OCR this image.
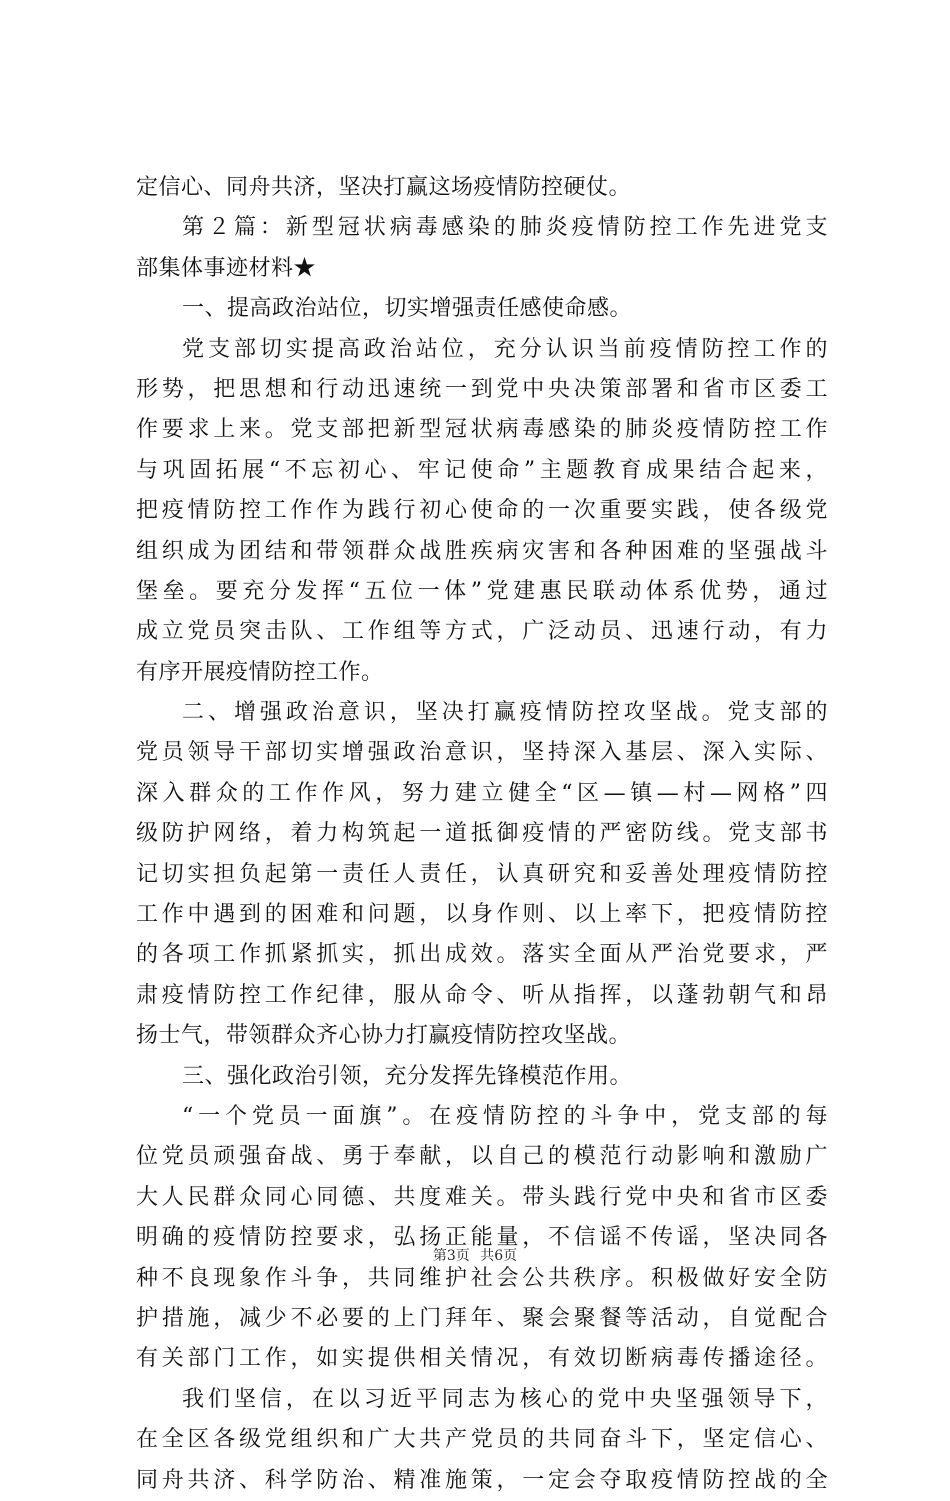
定信心、同舟共济，坚决打赢这场疫情防控硬仗。
第２篇：新型冠状病毒感染的肺炎疫情防控工作先进党支
部集体事迹材料★
一、提高政治站位，切实增强责任感使命感。
党支部切实提高政治站位，充分认识当前疫情防控工作的
形势，把思想和行动迅速统一到党中央决策部署和省市区委工
作要求上来。党支部把新型冠状病毒感染的肺炎疫情防控工作
与巩固拓展“不忘初心、牢记使命”主题教育成果结合起来，
把疫情防控工作作为践行初心使命的一次重要实践，使各级党
组织成为团结和带领群众战胜疾病灾害和各种困难的坚强战斗
堡垒。要充分发挥“五位一体”党建惠民联动体系优势，通过
成立党员突击队、工作组等方式，广泛动员、迅速行动，有力
有序开展疫情防控工作。
二、增强政治意识，坚决打赢疫情防控攻坚战。党支部的
党员领导干部切实增强政治意识，坚持深入基层、深入实际、
深入群众的工作作风，努力建立健全“区—镇—村—网格”四
级防护网络，着力构筑起一道抵御疫情的严密防线。党支部书
记切实担负起第一责任人责任，认真研究和妥善处理疫情防控
工作中遇到的困难和问题，以身作则、以上率下，把疫情防控
的各项工作抓紧抓实，抓出成效。落实全面从严治党要求，严
肃疫情防控工作纪律，服从命令、听从指挥，以蓬勃朝气和昂
扬士气，带领群众齐心协力打赢疫情防控攻坚战。
三、强化政治引领，充分发挥先锋模范作用。
“一个党员一面旗”。在疫情防控的斗争中，党支部的每
位党员顽强奋战、勇于奉献，以自己的模范行动影响和激励广
大人民群众同心同德、共度难关。带头践行党中央和省市区委
明确的疫情防控要求，弘扬正能量，不信谣不传谣，坚决同各
种不良现象作斗争，共同维护社会公共秩序。积极做好安全防
护措施，减少不必要的上门拜年、聚会聚餐等活动，自觉配合
有关部门工作，如实提供相关情况，有效切断病毒传播途径。
我们坚信，在以习近平同志为核心的党中央坚强领导下，
在全区各级党组织和广大共产党员的共同奋斗下，坚定信心、
同舟共济、科学防治、精准施策，一定会夺取疫情防控战的全
第3页 共6页
